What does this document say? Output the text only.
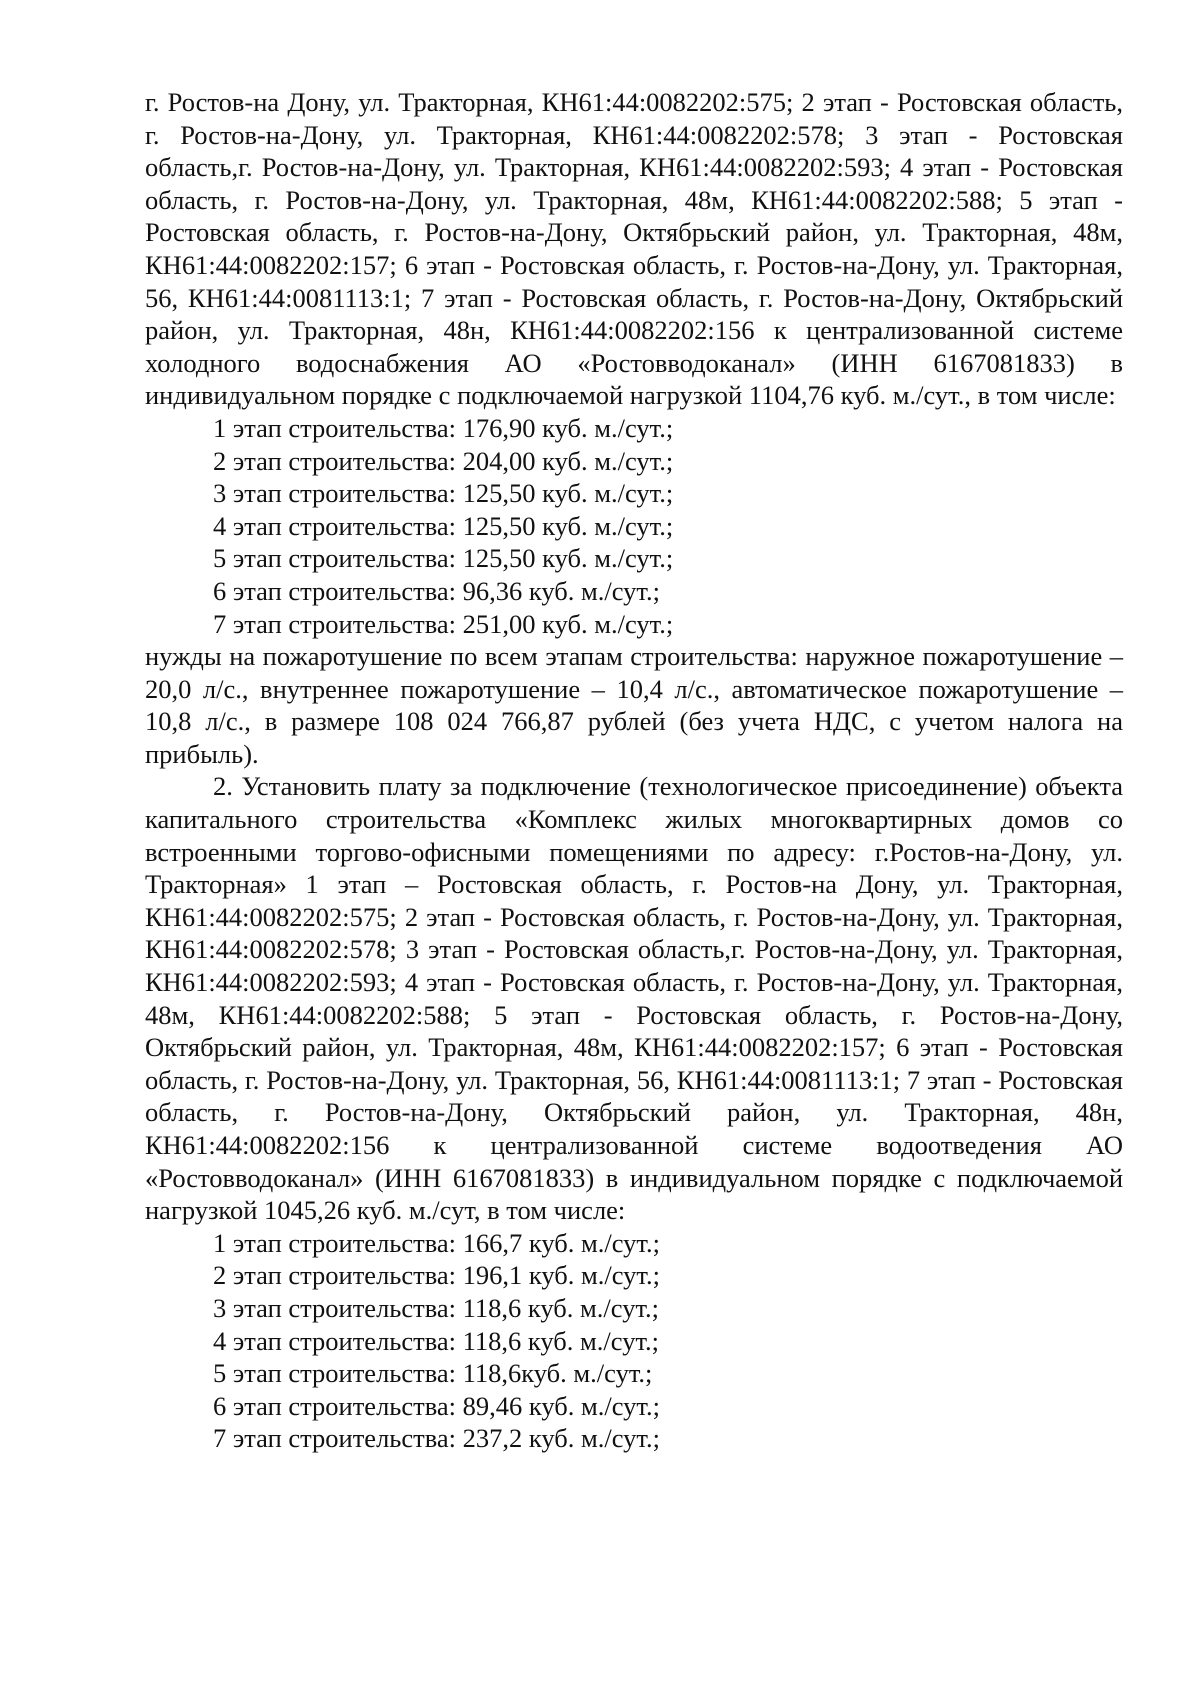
г. Ростов-на Дону, ул. Тракторная, КН61:44:0082202:575; 2 этап - Ростовская область, г. Ростов-на-Дону, ул. Тракторная, КН61:44:0082202:578; 3 этап - Ростовская область,г. Ростов-на-Дону, ул. Тракторная, КН61:44:0082202:593; 4 этап - Ростовская область, г. Ростов-на-Дону, ул. Тракторная, 48м, КН61:44:0082202:588; 5 этап - Ростовская область, г. Ростов-на-Дону, Октябрьский район, ул. Тракторная, 48м, КН61:44:0082202:157; 6 этап - Ростовская область, г. Ростов-на-Дону, ул. Тракторная, 56, КН61:44:0081113:1; 7 этап - Ростовская область, г. Ростов-на-Дону, Октябрьский район, ул. Тракторная, 48н, КН61:44:0082202:156 к централизованной системе холодного водоснабжения АО «Ростовводоканал» (ИНН 6167081833) в индивидуальном порядке с подключаемой нагрузкой 1104,76 куб. м./сут., в том числе:

1 этап строительства: 176,90 куб. м./сут.;
2 этап строительства: 204,00 куб. м./сут.;
3 этап строительства: 125,50 куб. м./сут.;
4 этап строительства: 125,50 куб. м./сут.;
5 этап строительства: 125,50 куб. м./сут.;
6 этап строительства: 96,36 куб. м./сут.;
7 этап строительства: 251,00 куб. м./сут.;

нужды на пожаротушение по всем этапам строительства: наружное пожаротушение – 20,0 л/с., внутреннее пожаротушение – 10,4 л/с., автоматическое пожаротушение – 10,8 л/с., в размере 108 024 766,87 рублей (без учета НДС, с учетом налога на прибыль).

2. Установить плату за подключение (технологическое присоединение) объекта капитального строительства «Комплекс жилых многоквартирных домов со встроенными торгово-офисными помещениями по адресу: г.Ростов-на-Дону, ул. Тракторная» 1 этап – Ростовская область, г. Ростов-на Дону, ул. Тракторная, КН61:44:0082202:575; 2 этап - Ростовская область, г. Ростов-на-Дону, ул. Тракторная, КН61:44:0082202:578; 3 этап - Ростовская область,г. Ростов-на-Дону, ул. Тракторная, КН61:44:0082202:593; 4 этап - Ростовская область, г. Ростов-на-Дону, ул. Тракторная, 48м, КН61:44:0082202:588; 5 этап - Ростовская область, г. Ростов-на-Дону, Октябрьский район, ул. Тракторная, 48м, КН61:44:0082202:157; 6 этап - Ростовская область, г. Ростов-на-Дону, ул. Тракторная, 56, КН61:44:0081113:1; 7 этап - Ростовская область, г. Ростов-на-Дону, Октябрьский район, ул. Тракторная, 48н, КН61:44:0082202:156 к централизованной системе водоотведения АО «Ростовводоканал» (ИНН 6167081833) в индивидуальном порядке с подключаемой нагрузкой 1045,26 куб. м./сут, в том числе:

1 этап строительства: 166,7 куб. м./сут.;
2 этап строительства: 196,1 куб. м./сут.;
3 этап строительства: 118,6 куб. м./сут.;
4 этап строительства: 118,6 куб. м./сут.;
5 этап строительства: 118,6куб. м./сут.;
6 этап строительства: 89,46 куб. м./сут.;
7 этап строительства: 237,2 куб. м./сут.;
